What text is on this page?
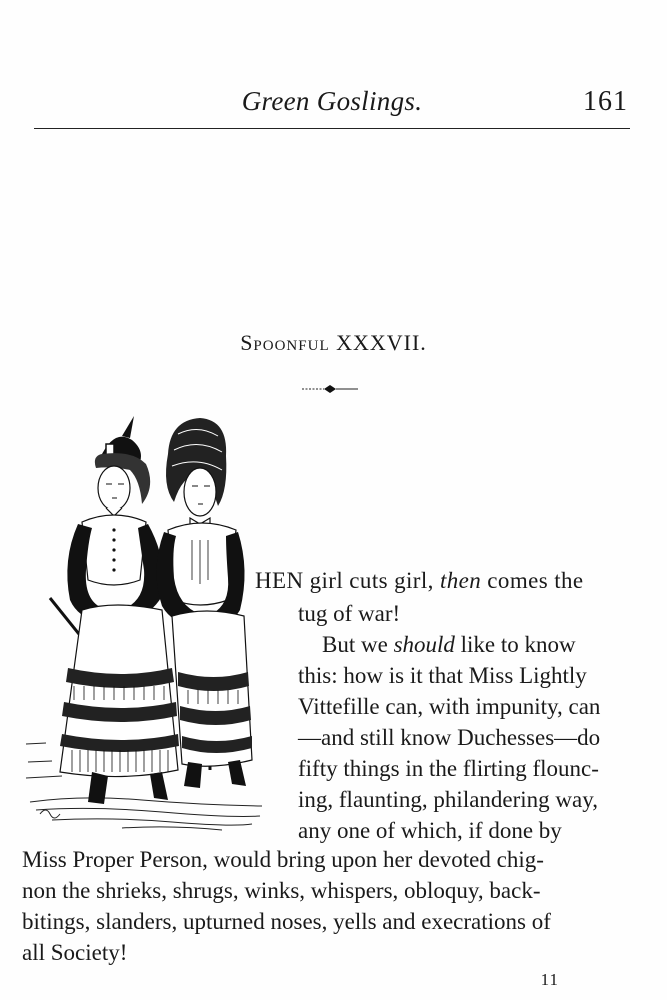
Green Goslings.	161
Spoonful XXXVII.
HEN girl cuts girl, then comes the
tug of war!
But we should like to know
this: how is it that Miss Lightly
Vittefille can, with impunity, can
—and still know Duchesses—do
fifty things in the flirting flounc-
ing, flaunting, philandering way,
any one of which, if done by
Miss Proper Person, would bring upon her devoted chig-
non the shrieks, shrugs, winks, whispers, obloquy, back-
bitings, slanders, upturned noses, yells and execrations of
all Society!
11
